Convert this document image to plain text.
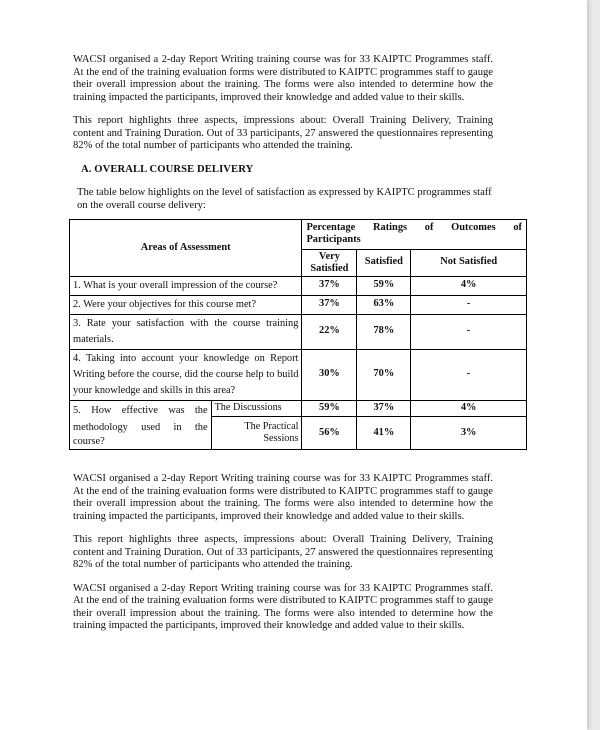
WACSI organised a 2-day Report Writing training course was for 33 KAIPTC Programmes staff. At the end of the training evaluation forms were distributed to KAIPTC programmes staff to gauge their overall impression about the training. The forms were also intended to determine how the training impacted the participants, improved their knowledge and added value to their skills.

This report highlights three aspects, impressions about: Overall Training Delivery, Training content and Training Duration. Out of 33 participants, 27 answered the questionnaires representing 82% of the total number of participants who attended the training.

A. OVERALL COURSE DELIVERY

The table below highlights on the level of satisfaction as expressed by KAIPTC programmes staff on the overall course delivery:

Areas of Assessment		Percentage Ratings of Outcomes of
Participants		

		Very Satisfied	Satisfied	Not Satisfied
1. What is your overall impression of the course?		37%	59%	4%
2. Were your objectives for this course met?		37%	63%	-
3. Rate your satisfaction with the course training materials.		22%	78%	-
4. Taking into account your knowledge on Report Writing before the course, did the course help to build your knowledge and skills in this area?		30%	70%	-

5. How effective was the
methodology used in the
course?	The Discussions	59%	37%	4%
	The Practical Sessions	56%	41%	3%

WACSI organised a 2-day Report Writing training course was for 33 KAIPTC Programmes staff. At the end of the training evaluation forms were distributed to KAIPTC programmes staff to gauge their overall impression about the training. The forms were also intended to determine how the training impacted the participants, improved their knowledge and added value to their skills.

This report highlights three aspects, impressions about: Overall Training Delivery, Training content and Training Duration. Out of 33 participants, 27 answered the questionnaires representing 82% of the total number of participants who attended the training.

WACSI organised a 2-day Report Writing training course was for 33 KAIPTC Programmes staff. At the end of the training evaluation forms were distributed to KAIPTC programmes staff to gauge their overall impression about the training. The forms were also intended to determine how the training impacted the participants, improved their knowledge and added value to their skills.
